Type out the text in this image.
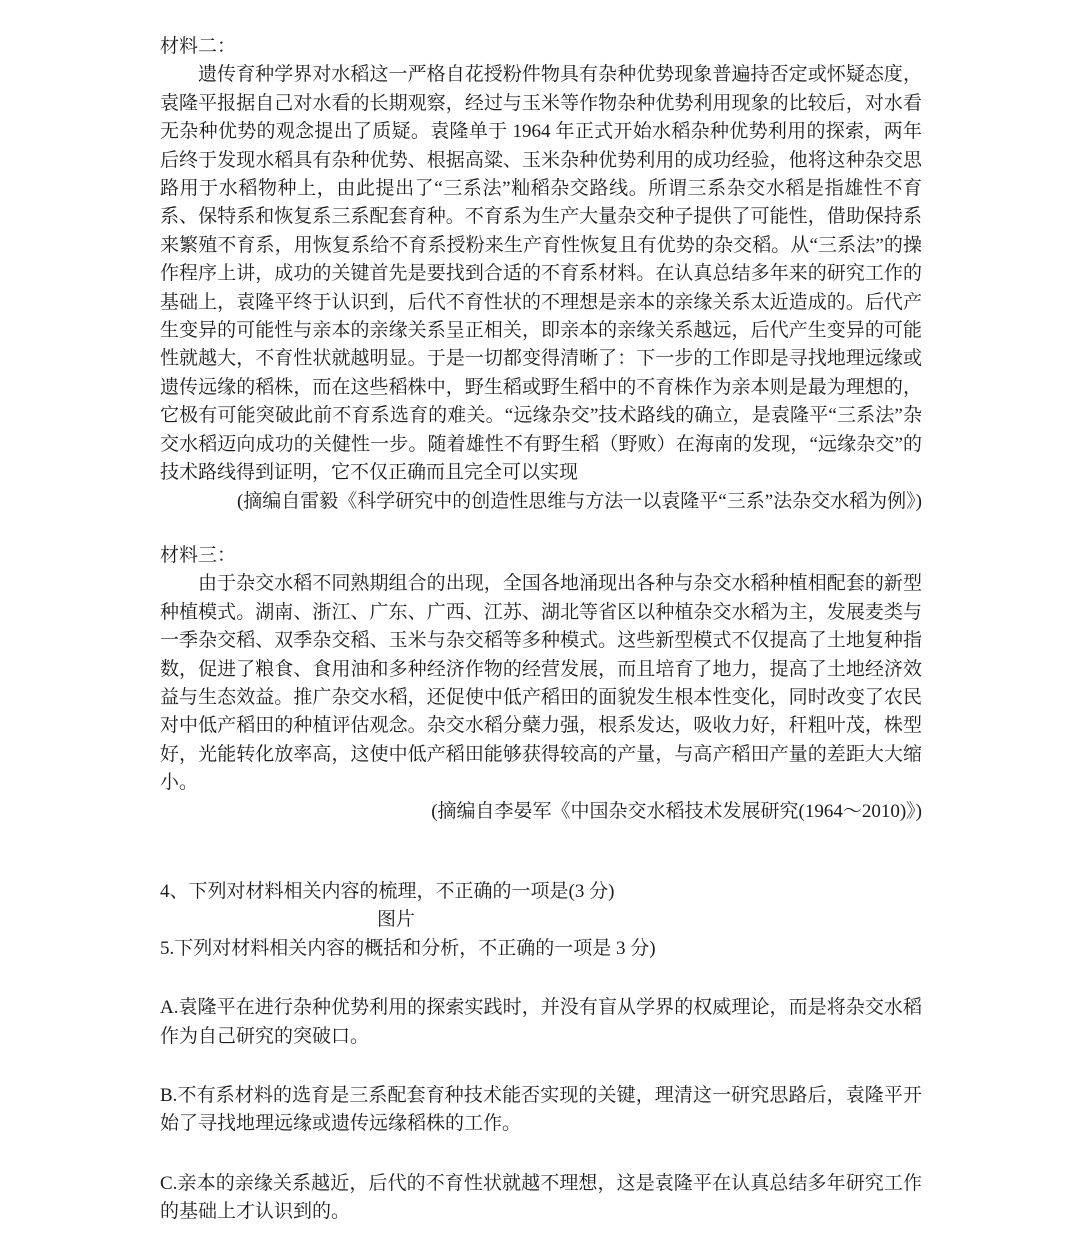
材料二：

遗传育种学界对水稻这一严格自花授粉件物具有杂种优势现象普遍持否定或怀疑态度，袁隆平报据自己对水看的长期观察，经过与玉米等作物杂种优势利用现象的比较后，对水看无杂种优势的观念提出了质疑。袁隆单于 1964 年正式开始水稻杂种优势利用的探索，两年后终于发现水稻具有杂种优势、根据高粱、玉米杂种优势利用的成功经验，他将这种杂交思路用于水稻物种上，由此提出了“三系法”籼稻杂交路线。所谓三系杂交水稻是指雄性不育系、保特系和恢复系三系配套育种。不育系为生产大量杂交种子提供了可能性，借助保持系来繁殖不育系，用恢复系给不育系授粉来生产育性恢复且有优势的杂交稻。从“三系法”的操作程序上讲，成功的关键首先是要找到合适的不育系材料。在认真总结多年来的研究工作的基础上，袁隆平终于认识到，后代不育性状的不理想是亲本的亲缘关系太近造成的。后代产生变异的可能性与亲本的亲缘关系呈正相关，即亲本的亲缘关系越远，后代产生变异的可能性就越大，不育性状就越明显。于是一切都变得清晰了：下一步的工作即是寻找地理远缘或遗传远缘的稻株，而在这些稻株中，野生稻或野生稻中的不育株作为亲本则是最为理想的，它极有可能突破此前不育系选育的难关。“远缘杂交”技术路线的确立，是袁隆平“三系法”杂交水稻迈向成功的关健性一步。随着雄性不有野生稻（野败）在海南的发现，“远缘杂交”的技术路线得到证明，它不仅正确而且完全可以实现

(摘编自雷毅《科学研究中的创造性思维与方法一以袁隆平“三系”法杂交水稻为例》)

材料三：

由于杂交水稻不同熟期组合的出现，全国各地涌现出各种与杂交水稻种植相配套的新型种植模式。湖南、浙江、广东、广西、江苏、湖北等省区以种植杂交水稻为主，发展麦类与一季杂交稻、双季杂交稻、玉米与杂交稻等多种模式。这些新型模式不仅提高了土地复种指数，促进了粮食、食用油和多种经济作物的经营发展，而且培育了地力，提高了土地经济效益与生态效益。推广杂交水稻，还促使中低产稻田的面貌发生根本性变化，同时改变了农民对中低产稻田的种植评估观念。杂交水稻分蘖力强，根系发达，吸收力好，秆粗叶茂，株型好，光能转化放率高，这使中低产稻田能够获得较高的产量，与高产稻田产量的差距大大缩小。

(摘编自李晏军《中国杂交水稻技术发展研究(1964～2010)》)

4、下列对材料相关内容的梳理，不正确的一项是(3 分)
图片
5.下列对材料相关内容的概括和分析，不正确的一项是 3 分)

A.袁隆平在进行杂种优势利用的探索实践时，并没有盲从学界的权威理论，而是将杂交水稻作为自己研究的突破口。

B.不有系材料的选育是三系配套育种技术能否实现的关键，理清这一研究思路后，袁隆平开始了寻找地理远缘或遗传远缘稻株的工作。

C.亲本的亲缘关系越近，后代的不育性状就越不理想，这是袁隆平在认真总结多年研究工作的基础上才认识到的。
